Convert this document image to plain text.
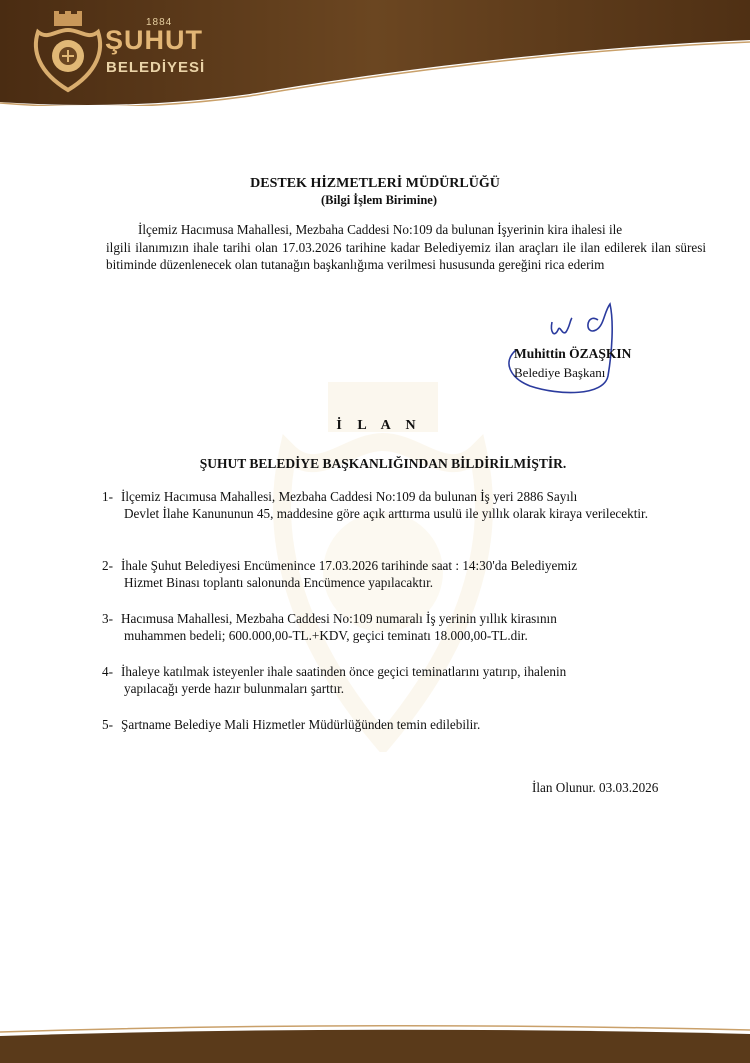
1884
ŞUHUT
BELEDİYESİ
DESTEK HİZMETLERİ MÜDÜRLÜĞÜ
(Bilgi İşlem Birimine)
İlçemiz Hacımusa Mahallesi, Mezbaha Caddesi No:109 da bulunan İşyerinin kira ihalesi ile
ilgili ilanımızın ihale tarihi olan 17.03.2026 tarihine kadar Belediyemiz ilan araçları ile ilan edilerek ilan süresi bitiminde düzenlenecek olan tutanağın başkanlığıma verilmesi hususunda gereğini rica ederim
Muhittin ÖZAŞKIN
Belediye Başkanı
İ L A N
ŞUHUT BELEDİYE BAŞKANLIĞINDAN BİLDİRİLMİŞTİR.
1- İlçemiz Hacımusa Mahallesi, Mezbaha Caddesi No:109 da bulunan İş yeri 2886 Sayılı
Devlet İlahe Kanununun 45, maddesine göre açık arttırma usulü ile yıllık olarak kiraya verilecektir.
2- İhale Şuhut Belediyesi Encümenince 17.03.2026 tarihinde saat : 14:30'da Belediyemiz
Hizmet Binası toplantı salonunda Encümence yapılacaktır.
3- Hacımusa Mahallesi, Mezbaha Caddesi No:109 numaralı İş yerinin yıllık kirasının
muhammen bedeli; 600.000,00-TL.+KDV, geçici teminatı 18.000,00-TL.dir.
4- İhaleye katılmak isteyenler ihale saatinden önce geçici teminatlarını yatırıp, ihalenin
yapılacağı yerde hazır bulunmaları şarttır.
5- Şartname Belediye Mali Hizmetler Müdürlüğünden temin edilebilir.
İlan Olunur. 03.03.2026
